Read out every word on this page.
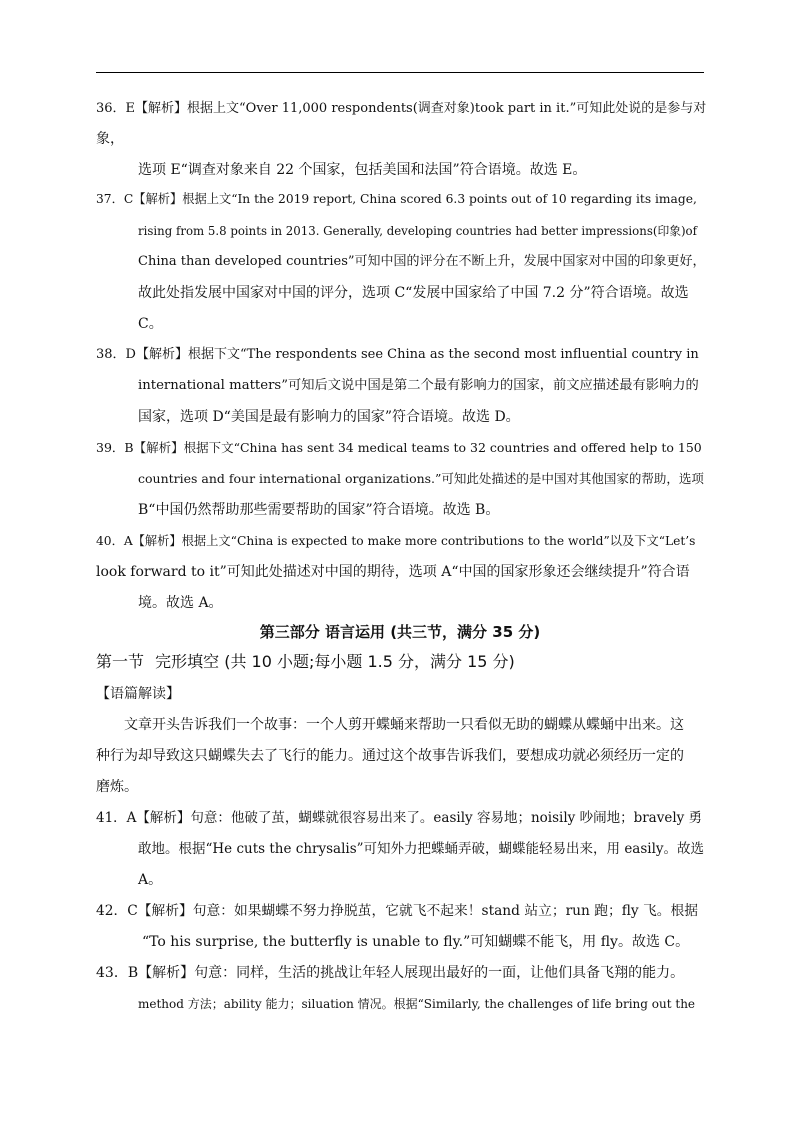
36．E【解析】根据上文“Over 11,000 respondents(调查对象)took part in it.”可知此处说的是参与对
象，
选项 E“调查对象来自 22 个国家，包括美国和法国”符合语境。故选 E。
37．C【解析】根据上文“In the 2019 report, China scored 6.3 points out of 10 regarding its image,
rising from 5.8 points in 2013. Generally, developing countries had better impressions(印象)of
China than developed countries”可知中国的评分在不断上升，发展中国家对中国的印象更好，
故此处指发展中国家对中国的评分，选项 C“发展中国家给了中国 7.2 分”符合语境。故选
C。
38．D【解析】根据下文“The respondents see China as the second most influential country in
international matters”可知后文说中国是第二个最有影响力的国家，前文应描述最有影响力的
国家，选项 D“美国是最有影响力的国家”符合语境。故选 D。
39．B【解析】根据下文“China has sent 34 medical teams to 32 countries and offered help to 150
countries and four international organizations.”可知此处描述的是中国对其他国家的帮助，选项
B“中国仍然帮助那些需要帮助的国家”符合语境。故选 B。
40．A【解析】根据上文“China is expected to make more contributions to the world”以及下文“Let’s
look forward to it”可知此处描述对中国的期待，选项 A“中国的国家形象还会继续提升”符合语
境。故选 A。
第三部分 语言运用 (共三节，满分 35 分)
第一节 完形填空 (共 10 小题;每小题 1.5 分，满分 15 分)
【语篇解读】
文章开头告诉我们一个故事：一个人剪开蝶蛹来帮助一只看似无助的蝴蝶从蝶蛹中出来。这
种行为却导致这只蝴蝶失去了飞行的能力。通过这个故事告诉我们，要想成功就必须经历一定的
磨炼。
41．A【解析】句意：他破了茧，蝴蝶就很容易出来了。easily 容易地；noisily 吵闹地；bravely 勇
敢地。根据“He cuts the chrysalis”可知外力把蝶蛹弄破，蝴蝶能轻易出来，用 easily。故选
A。
42．C【解析】句意：如果蝴蝶不努力挣脱茧，它就飞不起来！stand 站立；run 跑；fly 飞。根据
“To his surprise, the butterfly is unable to fly.”可知蝴蝶不能飞，用 fly。故选 C。
43．B【解析】句意：同样，生活的挑战让年轻人展现出最好的一面，让他们具备飞翔的能力。
method 方法；ability 能力；siluation 情况。根据“Similarly, the challenges of life bring out the
